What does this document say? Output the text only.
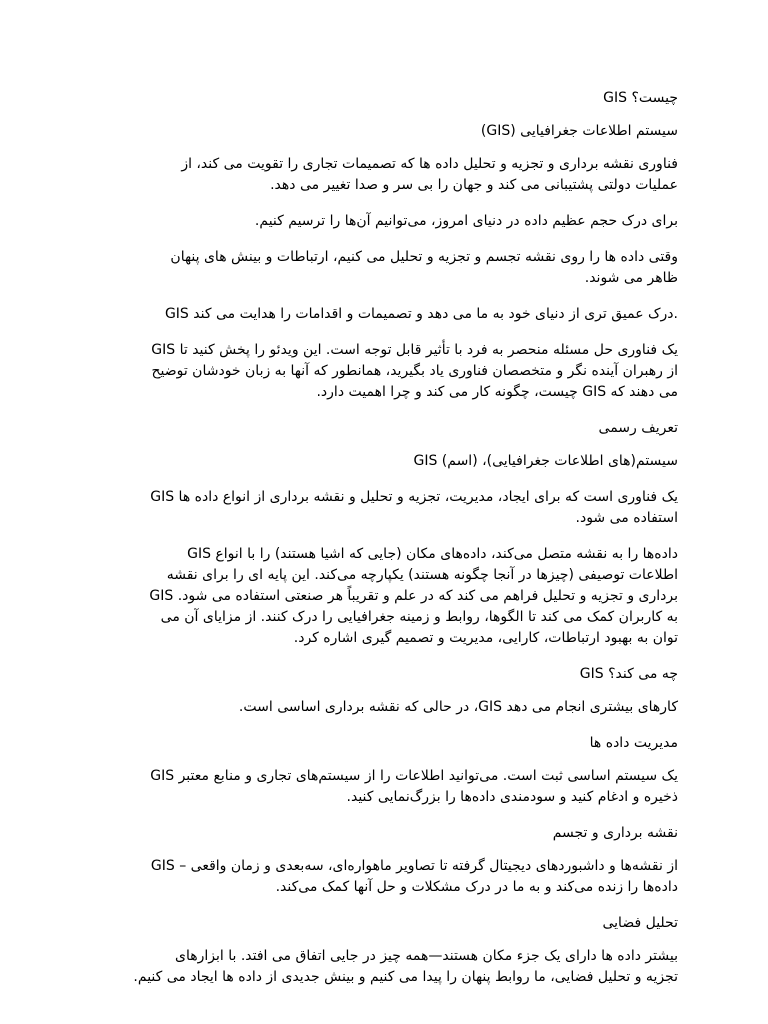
GIS چیست؟
سیستم اطلاعات جغرافیایی (GIS)
فناوری نقشه برداری و تجزیه و تحلیل داده ها که تصمیمات تجاری را تقویت می کند، از
عملیات دولتی پشتیبانی می کند و جهان را بی سر و صدا تغییر می دهد.
برای درک حجم عظیم داده در دنیای امروز، می‌توانیم آن‌ها را ترسیم کنیم.
وقتی داده ها را روی نقشه تجسم و تجزیه و تحلیل می کنیم، ارتباطات و بینش های پنهان
ظاهر می شوند.
GIS درک عمیق تری از دنیای خود به ما می دهد و تصمیمات و اقدامات را هدایت می کند.
یک فناوری حل مسئله منحصر به فرد با تأثیر قابل توجه است. این ویدئو را پخش کنید تا GIS
از رهبران آینده نگر و متخصصان فناوری یاد بگیرید، همانطور که آنها به زبان خودشان توضیح
می دهند که GIS چیست، چگونه کار می کند و چرا اهمیت دارد.
تعریف رسمی
GIS (اسم) ،سیستم(های اطلاعات جغرافیایی)
یک فناوری است که برای ایجاد، مدیریت، تجزیه و تحلیل و نقشه برداری از انواع داده ها GIS
استفاده می شود.
داده‌ها را به نقشه متصل می‌کند، داده‌های مکان (جایی که اشیا هستند) را با انواع GIS
اطلاعات توصیفی (چیزها در آنجا چگونه هستند) یکپارچه می‌کند. این پایه ای را برای نقشه
برداری و تجزیه و تحلیل فراهم می کند که در علم و تقریباً هر صنعتی استفاده می شود. GIS
به کاربران کمک می کند تا الگوها، روابط و زمینه جغرافیایی را درک کنند. از مزایای آن می
توان به بهبود ارتباطات، کارایی، مدیریت و تصمیم گیری اشاره کرد.
GIS چه می کند؟
کارهای بیشتری انجام می دهد GIS، در حالی که نقشه برداری اساسی است.
مدیریت داده ها
یک سیستم اساسی ثبت است. می‌توانید اطلاعات را از سیستم‌های تجاری و منابع معتبر GIS
ذخیره و ادغام کنید و سودمندی داده‌ها را بزرگ‌نمایی کنید.
نقشه برداری و تجسم
GIS – از نقشه‌ها و داشبوردهای دیجیتال گرفته تا تصاویر ماهواره‌ای، سه‌بعدی و زمان واقعی
داده‌ها را زنده می‌کند و به ما در درک مشکلات و حل آنها کمک می‌کند.
تحلیل فضایی
بیشتر داده ها دارای یک جزء مکان هستند—همه چیز در جایی اتفاق می افتد. با ابزارهای
تجزیه و تحلیل فضایی، ما روابط پنهان را پیدا می کنیم و بینش جدیدی از داده ها ایجاد می کنیم.
